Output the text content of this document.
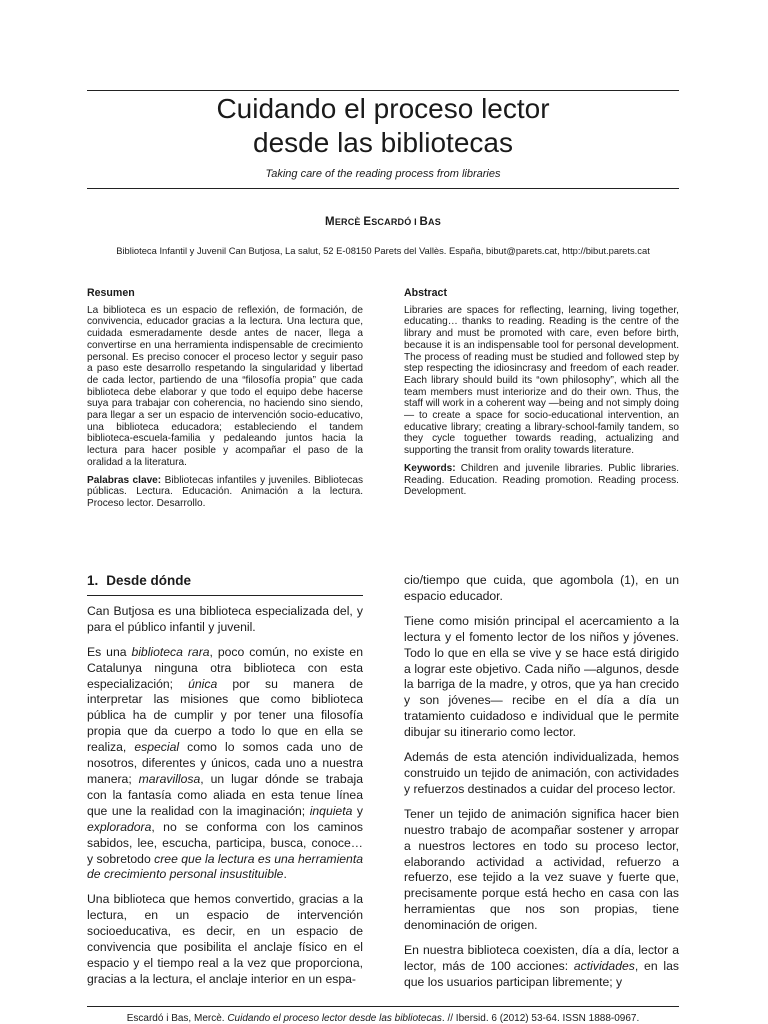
Cuidando el proceso lector
desde las bibliotecas
Taking care of the reading process from libraries
MERCÈ ESCARDÓ I BAS
Biblioteca Infantil y Juvenil Can Butjosa, La salut, 52 E-08150 Parets del Vallès. España, bibut@parets.cat, http://bibut.parets.cat
Resumen

La biblioteca es un espacio de reflexión, de formación, de convivencia, educador gracias a la lectura. Una lectura que, cuidada esmeradamente desde antes de nacer, llega a convertirse en una herramienta indispensable de crecimiento personal. Es preciso conocer el proceso lector y seguir paso a paso este desarrollo respetando la singularidad y libertad de cada lector, partiendo de una “filosofía propia” que cada biblioteca debe elaborar y que todo el equipo debe hacerse suya para trabajar con coherencia, no haciendo sino siendo, para llegar a ser un espacio de intervención socio-educativo, una biblioteca educadora; estableciendo el tandem biblioteca-escuela-familia y pedaleando juntos hacia la lectura para hacer posible y acompañar el paso de la oralidad a la literatura.

Palabras clave: Bibliotecas infantiles y juveniles. Bibliotecas públicas. Lectura. Educación. Animación a la lectura. Proceso lector. Desarrollo.

Abstract

Libraries are spaces for reflecting, learning, living together, educating… thanks to reading. Reading is the centre of the library and must be promoted with care, even before birth, because it is an indispensable tool for personal development. The process of reading must be studied and followed step by step respecting the idiosincrasy and freedom of each reader. Each library should build its “own philosophy”, which all the team members must interiorize and do their own. Thus, the staff will work in a coherent way —being and not simply doing— to create a space for socio-educational intervention, an educative library; creating a library-school-family tandem, so they cycle toguether towards reading, actualizing and supporting the transit from orality towards literature.

Keywords: Children and juvenile libraries. Public libraries. Reading. Education. Reading promotion. Reading process. Development.

1. Desde dónde

Can Butjosa es una biblioteca especializada del, y para el público infantil y juvenil.

Es una biblioteca rara, poco común, no existe en Catalunya ninguna otra biblioteca con esta especialización; única por su manera de interpretar las misiones que como biblioteca pública ha de cumplir y por tener una filosofía propia que da cuerpo a todo lo que en ella se realiza, especial como lo somos cada uno de nosotros, diferentes y únicos, cada uno a nuestra manera; maravillosa, un lugar dónde se trabaja con la fantasía como aliada en esta tenue línea que une la realidad con la imaginación; inquieta y exploradora, no se conforma con los caminos sabidos, lee, escucha, participa, busca, conoce… y sobretodo cree que la lectura es una herramienta de crecimiento personal insustituible.

Una biblioteca que hemos convertido, gracias a la lectura, en un espacio de intervención socioeducativa, es decir, en un espacio de convivencia que posibilita el anclaje físico en el espacio y el tiempo real a la vez que proporciona, gracias a la lectura, el anclaje interior en un espa-

cio/tiempo que cuida, que agombola (1), en un espacio educador.

Tiene como misión principal el acercamiento a la lectura y el fomento lector de los niños y jóvenes. Todo lo que en ella se vive y se hace está dirigido a lograr este objetivo. Cada niño —algunos, desde la barriga de la madre, y otros, que ya han crecido y son jóvenes— recibe en el día a día un tratamiento cuidadoso e individual que le permite dibujar su itinerario como lector.

Además de esta atención individualizada, hemos construido un tejido de animación, con actividades y refuerzos destinados a cuidar del proceso lector.

Tener un tejido de animación significa hacer bien nuestro trabajo de acompañar sostener y arropar a nuestros lectores en todo su proceso lector, elaborando actividad a actividad, refuerzo a refuerzo, ese tejido a la vez suave y fuerte que, precisamente porque está hecho en casa con las herramientas que nos son propias, tiene denominación de origen.

En nuestra biblioteca coexisten, día a día, lector a lector, más de 100 acciones: actividades, en las que los usuarios participan libremente; y

Escardó i Bas, Mercè. Cuidando el proceso lector desde las bibliotecas. // Ibersid. 6 (2012) 53-64. ISSN 1888-0967.
